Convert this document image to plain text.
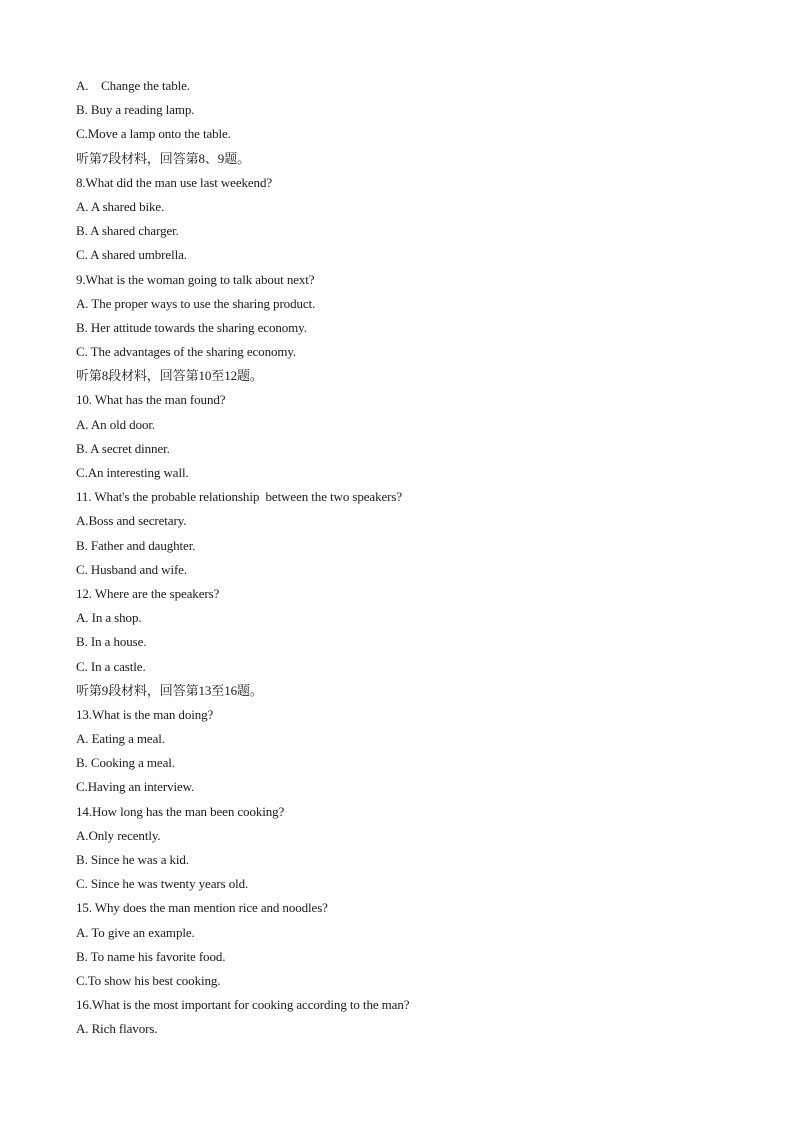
A.    Change the table.
B. Buy a reading lamp.
C.Move a lamp onto the table.
听第7段材料，回答第8、9题。
8.What did the man use last weekend?
A. A shared bike.
B. A shared charger.
C. A shared umbrella.
9.What is the woman going to talk about next?
A. The proper ways to use the sharing product.
B. Her attitude towards the sharing economy.
C. The advantages of the sharing economy.
听第8段材料，回答第10至12题。
10. What has the man found?
A. An old door.
B. A secret dinner.
C.An interesting wall.
11. What's the probable relationship  between the two speakers?
A.Boss and secretary.
B. Father and daughter.
C. Husband and wife.
12. Where are the speakers?
A. In a shop.
B. In a house.
C. In a castle.
听第9段材料，回答第13至16题。
13.What is the man doing?
A. Eating a meal.
B. Cooking a meal.
C.Having an interview.
14.How long has the man been cooking?
A.Only recently.
B. Since he was a kid.
C. Since he was twenty years old.
15. Why does the man mention rice and noodles?
A. To give an example.
B. To name his favorite food.
C.To show his best cooking.
16.What is the most important for cooking according to the man?
A. Rich flavors.
